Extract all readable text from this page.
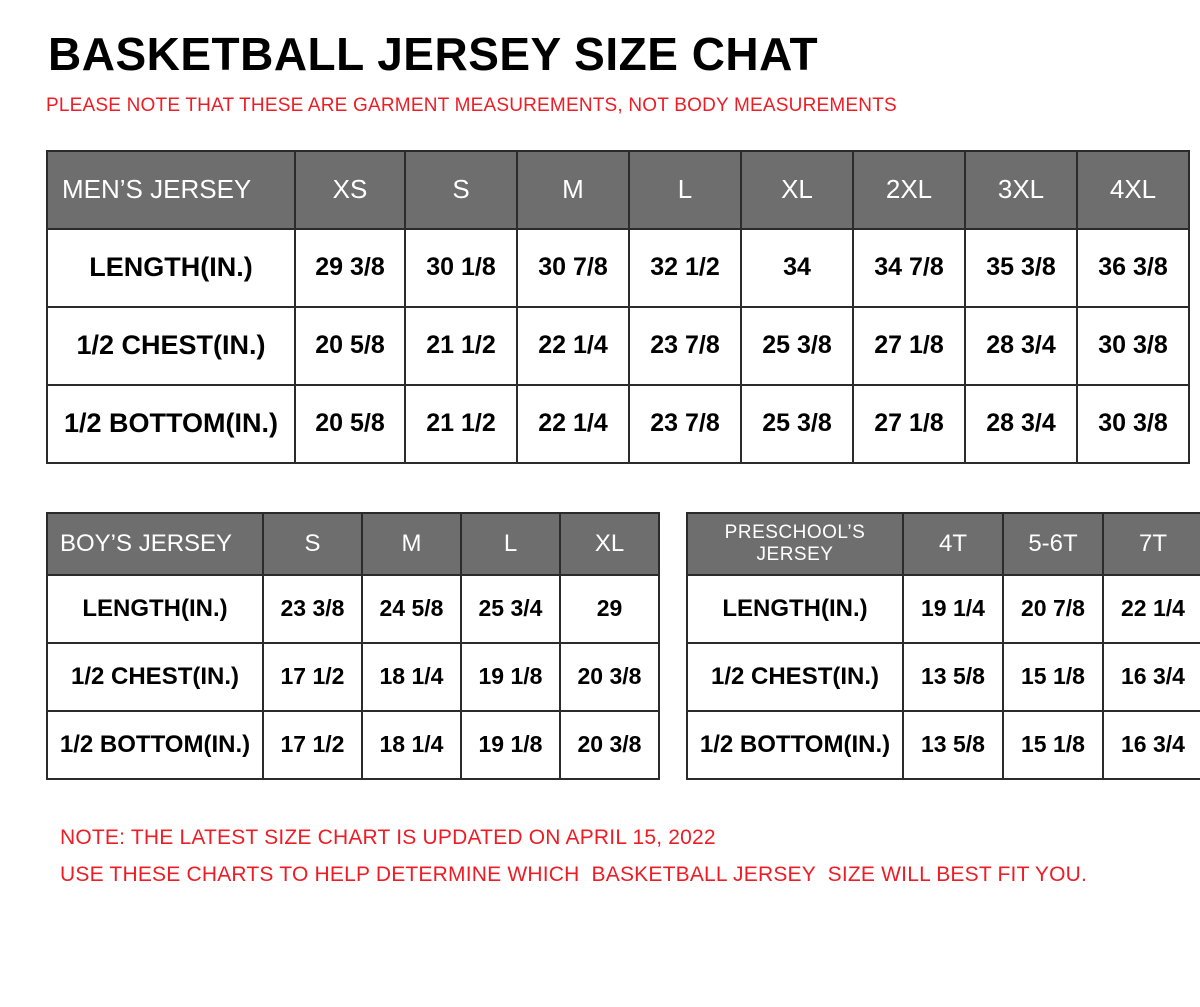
BASKETBALL JERSEY SIZE CHAT

PLEASE NOTE THAT THESE ARE GARMENT MEASUREMENTS, NOT BODY MEASUREMENTS

MEN’S JERSEY	XS	S	M	L	XL	2XL	3XL	4XL
LENGTH(IN.)	29 3/8	30 1/8	30 7/8	32 1/2	34	34 7/8	35 3/8	36 3/8
1/2 CHEST(IN.)	20 5/8	21 1/2	22 1/4	23 7/8	25 3/8	27 1/8	28 3/4	30 3/8
1/2 BOTTOM(IN.)	20 5/8	21 1/2	22 1/4	23 7/8	25 3/8	27 1/8	28 3/4	30 3/8
BOY’S JERSEY	S	M	L	XL
LENGTH(IN.)	23 3/8	24 5/8	25 3/4	29
1/2 CHEST(IN.)	17 1/2	18 1/4	19 1/8	20 3/8
1/2 BOTTOM(IN.)	17 1/2	18 1/4	19 1/8	20 3/8
PRESCHOOL’S JERSEY	4T	5-6T	7T
LENGTH(IN.)	19 1/4	20 7/8	22 1/4
1/2 CHEST(IN.)	13 5/8	15 1/8	16 3/4
1/2 BOTTOM(IN.)	13 5/8	15 1/8	16 3/4
NOTE: THE LATEST SIZE CHART IS UPDATED ON APRIL 15, 2022
USE THESE CHARTS TO HELP DETERMINE WHICH  BASKETBALL JERSEY  SIZE WILL BEST FIT YOU.
